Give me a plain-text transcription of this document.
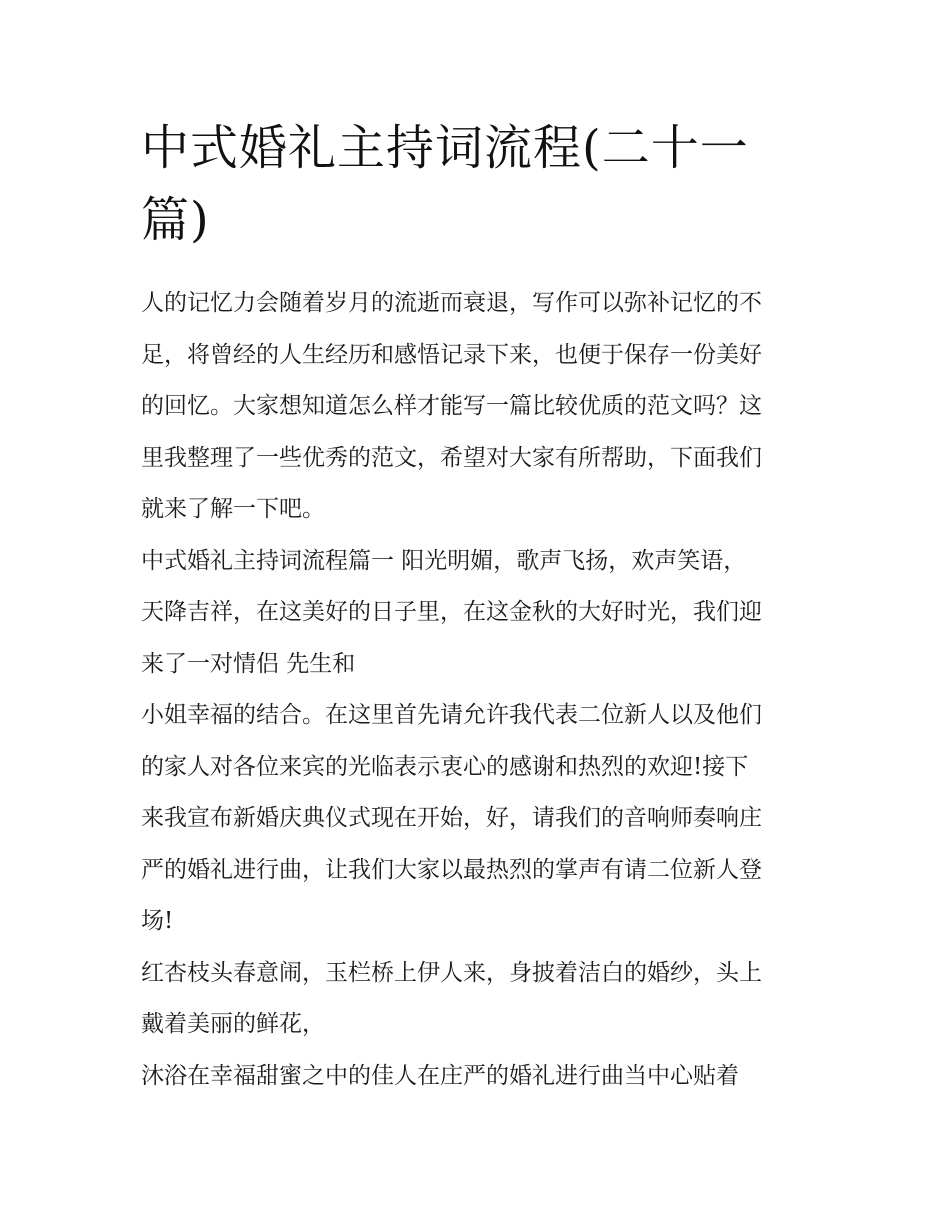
中式婚礼主持词流程(二十一
篇)

人的记忆力会随着岁月的流逝而衰退，写作可以弥补记忆的不
足，将曾经的人生经历和感悟记录下来，也便于保存一份美好
的回忆。大家想知道怎么样才能写一篇比较优质的范文吗？这
里我整理了一些优秀的范文，希望对大家有所帮助，下面我们
就来了解一下吧。

中式婚礼主持词流程篇一 阳光明媚，歌声飞扬，欢声笑语，
天降吉祥，在这美好的日子里，在这金秋的大好时光，我们迎
来了一对情侣 先生和

小姐幸福的结合。在这里首先请允许我代表二位新人以及他们
的家人对各位来宾的光临表示衷心的感谢和热烈的欢迎!接下
来我宣布新婚庆典仪式现在开始，好，请我们的音响师奏响庄
严的婚礼进行曲，让我们大家以最热烈的掌声有请二位新人登
场!

红杏枝头春意闹，玉栏桥上伊人来，身披着洁白的婚纱，头上
戴着美丽的鲜花，

沐浴在幸福甜蜜之中的佳人在庄严的婚礼进行曲当中心贴着
